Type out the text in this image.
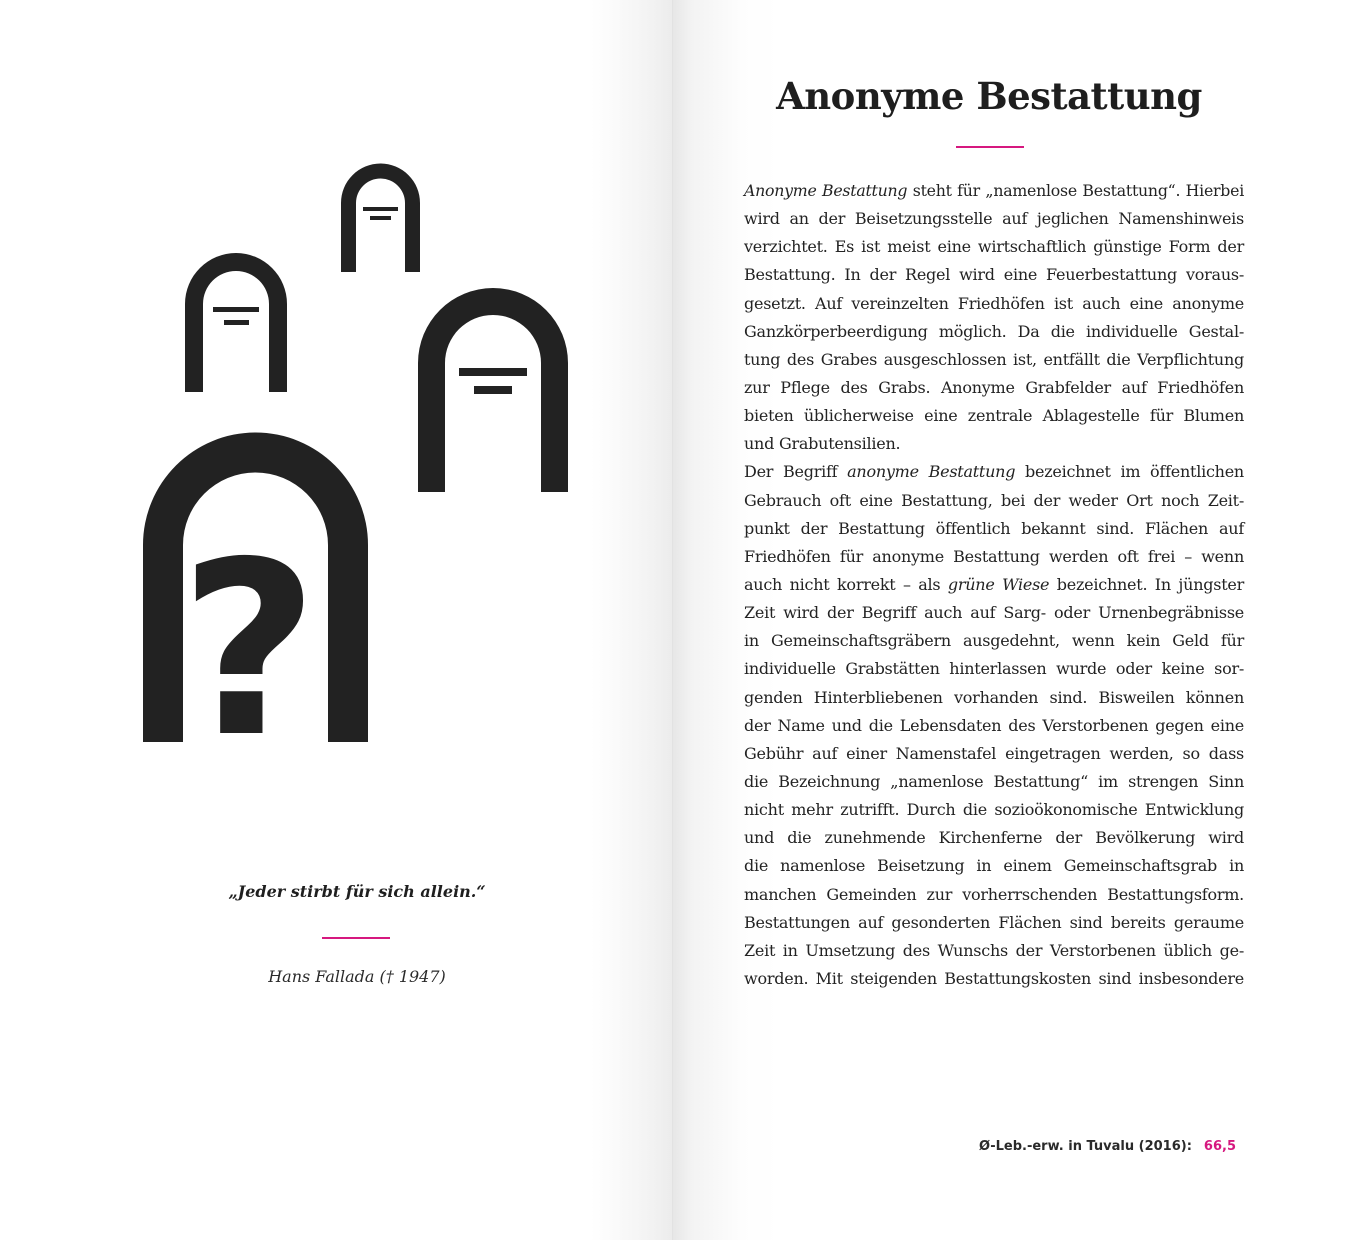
?
„Jeder stirbt für sich allein.“
Hans Fallada († 1947)
Anonyme Bestattung
Anonyme Bestattung steht für „namenlose Bestattung“. Hierbei
wird an der Beisetzungsstelle auf jeglichen Namenshinweis
verzichtet. Es ist meist eine wirtschaftlich günstige Form der
Bestattung. In der Regel wird eine Feuerbestattung voraus-
gesetzt. Auf vereinzelten Friedhöfen ist auch eine anonyme
Ganzkörperbeerdigung möglich. Da die individuelle Gestal-
tung des Grabes ausgeschlossen ist, entfällt die Verpflichtung
zur Pflege des Grabs. Anonyme Grabfelder auf Friedhöfen
bieten üblicherweise eine zentrale Ablagestelle für Blumen
und Grabutensilien.
Der Begriff anonyme Bestattung bezeichnet im öffentlichen
Gebrauch oft eine Bestattung, bei der weder Ort noch Zeit-
punkt der Bestattung öffentlich bekannt sind. Flächen auf
Friedhöfen für anonyme Bestattung werden oft frei – wenn
auch nicht korrekt – als grüne Wiese bezeichnet. In jüngster
Zeit wird der Begriff auch auf Sarg- oder Urnenbegräbnisse
in Gemeinschaftsgräbern ausgedehnt, wenn kein Geld für
individuelle Grabstätten hinterlassen wurde oder keine sor-
genden Hinterbliebenen vorhanden sind. Bisweilen können
der Name und die Lebensdaten des Verstorbenen gegen eine
Gebühr auf einer Namenstafel eingetragen werden, so dass
die Bezeichnung „namenlose Bestattung“ im strengen Sinn
nicht mehr zutrifft. Durch die sozioökonomische Entwicklung
und die zunehmende Kirchenferne der Bevölkerung wird
die namenlose Beisetzung in einem Gemeinschaftsgrab in
manchen Gemeinden zur vorherrschenden Bestattungsform.
Bestattungen auf gesonderten Flächen sind bereits geraume
Zeit in Umsetzung des Wunschs der Verstorbenen üblich ge-
worden. Mit steigenden Bestattungskosten sind insbesondere
Ø-Leb.-erw. in Tuvalu (2016): 66,5
